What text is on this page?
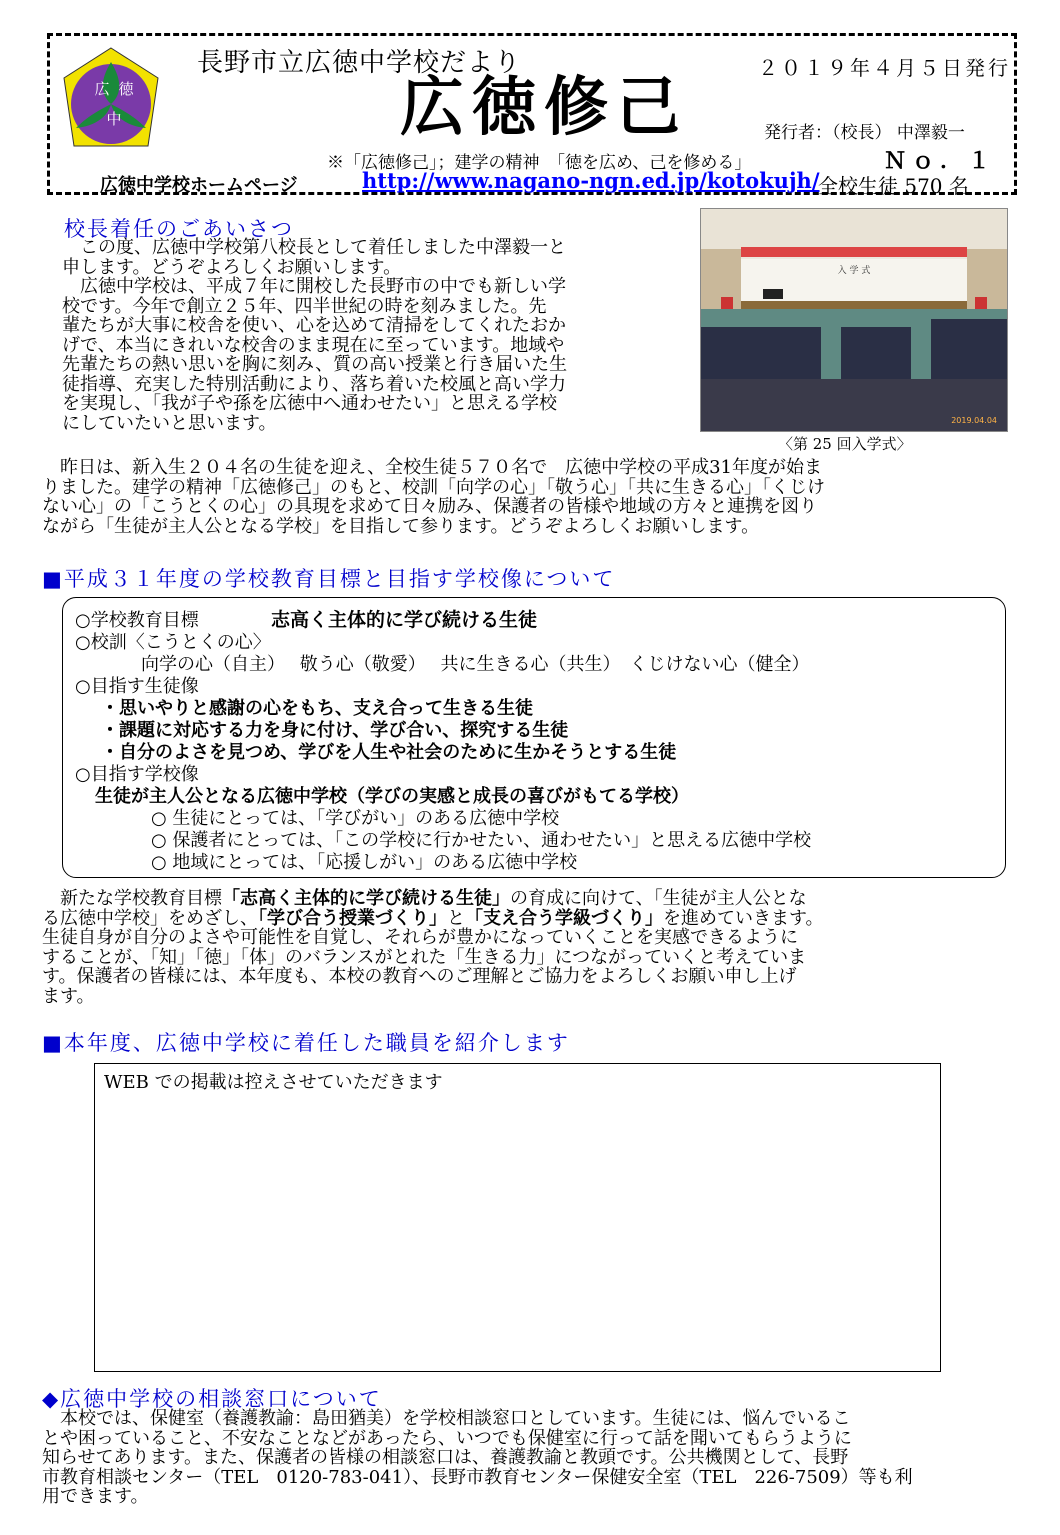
広 徳
中
長野市立広徳中学校だより
広徳修己
２０１９年４月５日発行
発行者：（校長） 中澤毅一
※「広徳修己」；建学の精神　「徳を広め、己を修める」	Ｎｏ．１
広徳中学校ホームページ	http://www.nagano-ngn.ed.jp/kotokujh/
全校生徒 570 名
校長着任のごあいさつ
　この度、広徳中学校第八校長として着任しました中澤毅一と
申します。どうぞよろしくお願いします。
　広徳中学校は、平成７年に開校した長野市の中でも新しい学
校です。今年で創立２５年、四半世紀の時を刻みました。先
輩たちが大事に校舎を使い、心を込めて清掃をしてくれたおか
げで、本当にきれいな校舎のまま現在に至っています。地域や
先輩たちの熱い思いを胸に刻み、質の高い授業と行き届いた生
徒指導、充実した特別活動により、落ち着いた校風と高い学力
を実現し、「我が子や孫を広徳中へ通わせたい」と思える学校
にしていたいと思います。
入 学 式
2019.04.04
〈第 25 回入学式〉
　昨日は、新入生２０４名の生徒を迎え、全校生徒５７０名で　広徳中学校の平成31年度が始ま
りました。建学の精神「広徳修己」のもと、校訓「向学の心」「敬う心」「共に生きる心」「くじけ
ない心」の「こうとくの心」の具現を求めて日々励み、保護者の皆様や地域の方々と連携を図り
ながら「生徒が主人公となる学校」を目指して参ります。どうぞよろしくお願いします。
■平成３１年度の学校教育目標と目指す学校像について
○学校教育目標	志高く主体的に学び続ける生徒
○校訓〈こうとくの心〉
向学の心（自主）　 敬う心（敬愛）　 共に生きる心（共生）　くじけない心（健全）
○目指す生徒像
・思いやりと感謝の心をもち、支え合って生きる生徒
・課題に対応する力を身に付け、学び合い、探究する生徒
・自分のよさを見つめ、学びを人生や社会のために生かそうとする生徒
○目指す学校像
生徒が主人公となる広徳中学校（学びの実感と成長の喜びがもてる学校）
○ 生徒にとっては、「学びがい」のある広徳中学校
○ 保護者にとっては、「この学校に行かせたい、通わせたい」と思える広徳中学校
○ 地域にとっては、「応援しがい」のある広徳中学校
　新たな学校教育目標「志高く主体的に学び続ける生徒」の育成に向けて、「生徒が主人公とな
る広徳中学校」をめざし、「学び合う授業づくり」と「支え合う学級づくり」を進めていきます。
生徒自身が自分のよさや可能性を自覚し、それらが豊かになっていくことを実感できるように
することが、「知」「徳」「体」のバランスがとれた「生きる力」につながっていくと考えていま
す。保護者の皆様には、本年度も、本校の教育へのご理解とご協力をよろしくお願い申し上げ
ます。
■本年度、広徳中学校に着任した職員を紹介します
WEB での掲載は控えさせていただきます
◆広徳中学校の相談窓口について
　本校では、保健室（養護教諭：島田猶美）を学校相談窓口としています。生徒には、悩んでいるこ
とや困っていること、不安なことなどがあったら、いつでも保健室に行って話を聞いてもらうように
知らせてあります。また、保護者の皆様の相談窓口は、養護教諭と教頭です。公共機関として、長野
市教育相談センター（TEL　0120-783-041）、長野市教育センター保健安全室（TEL　226-7509）等も利
用できます。
